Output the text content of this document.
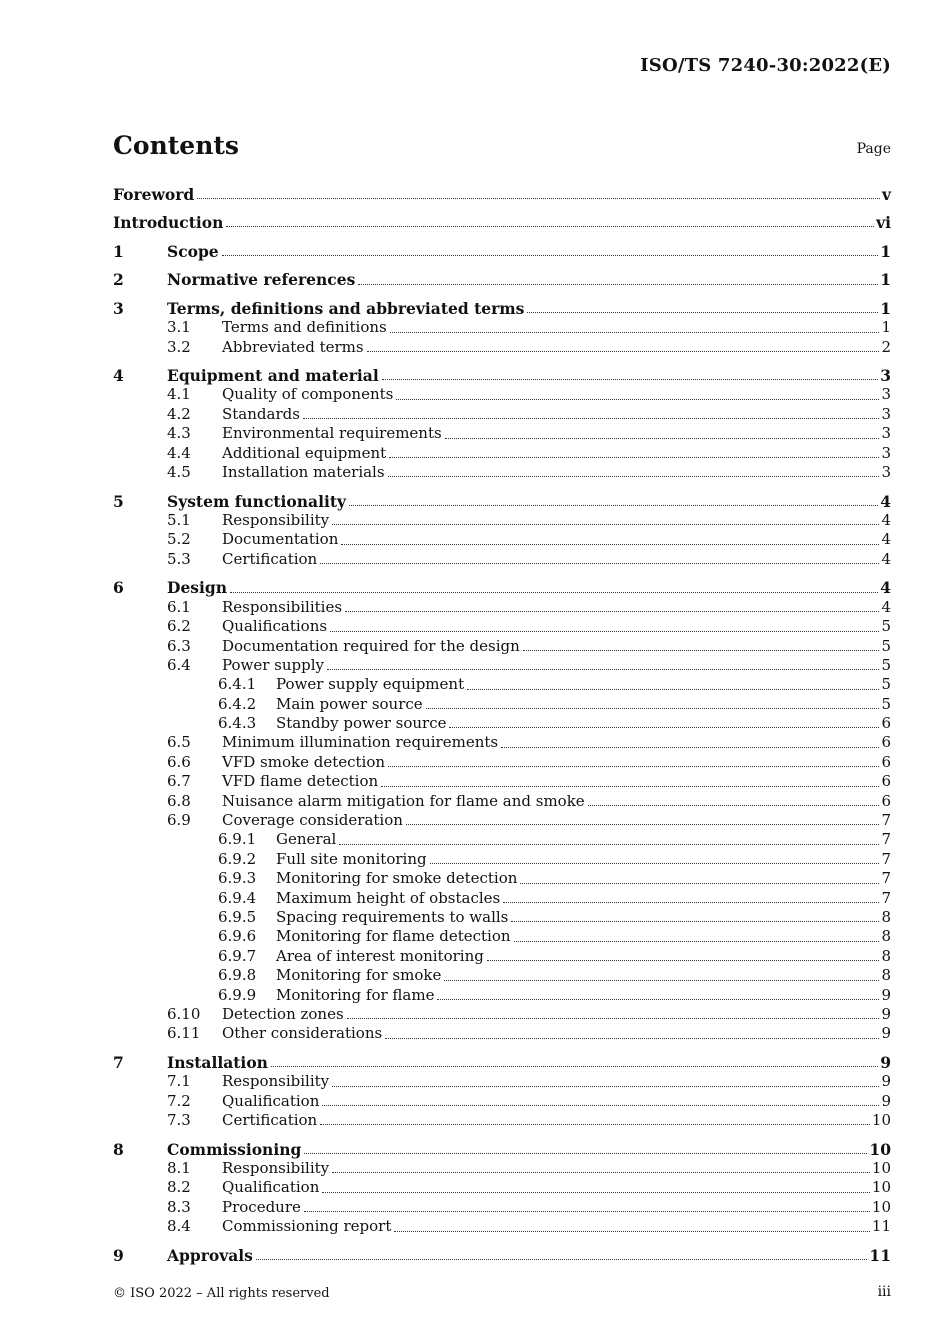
ISO/TS 7240-30:2022(E)
Contents	Page
Foreword	v
Introduction	vi
1	Scope	1
2	Normative references	1
3	Terms, definitions and abbreviated terms	1
3.1	Terms and definitions	1
3.2	Abbreviated terms	2
4	Equipment and material	3
4.1	Quality of components	3
4.2	Standards	3
4.3	Environmental requirements	3
4.4	Additional equipment	3
4.5	Installation materials	3
5	System functionality	4
5.1	Responsibility	4
5.2	Documentation	4
5.3	Certification	4
6	Design	4
6.1	Responsibilities	4
6.2	Qualifications	5
6.3	Documentation required for the design	5
6.4	Power supply	5
6.4.1	Power supply equipment	5
6.4.2	Main power source	5
6.4.3	Standby power source	6
6.5	Minimum illumination requirements	6
6.6	VFD smoke detection	6
6.7	VFD flame detection	6
6.8	Nuisance alarm mitigation for flame and smoke	6
6.9	Coverage consideration	7
6.9.1	General	7
6.9.2	Full site monitoring	7
6.9.3	Monitoring for smoke detection	7
6.9.4	Maximum height of obstacles	7
6.9.5	Spacing requirements to walls	8
6.9.6	Monitoring for flame detection	8
6.9.7	Area of interest monitoring	8
6.9.8	Monitoring for smoke	8
6.9.9	Monitoring for flame	9
6.10	Detection zones	9
6.11	Other considerations	9
7	Installation	9
7.1	Responsibility	9
7.2	Qualification	9
7.3	Certification	10
8	Commissioning	10
8.1	Responsibility	10
8.2	Qualification	10
8.3	Procedure	10
8.4	Commissioning report	11
9	Approvals	11
© ISO 2022 – All rights reserved	iii
